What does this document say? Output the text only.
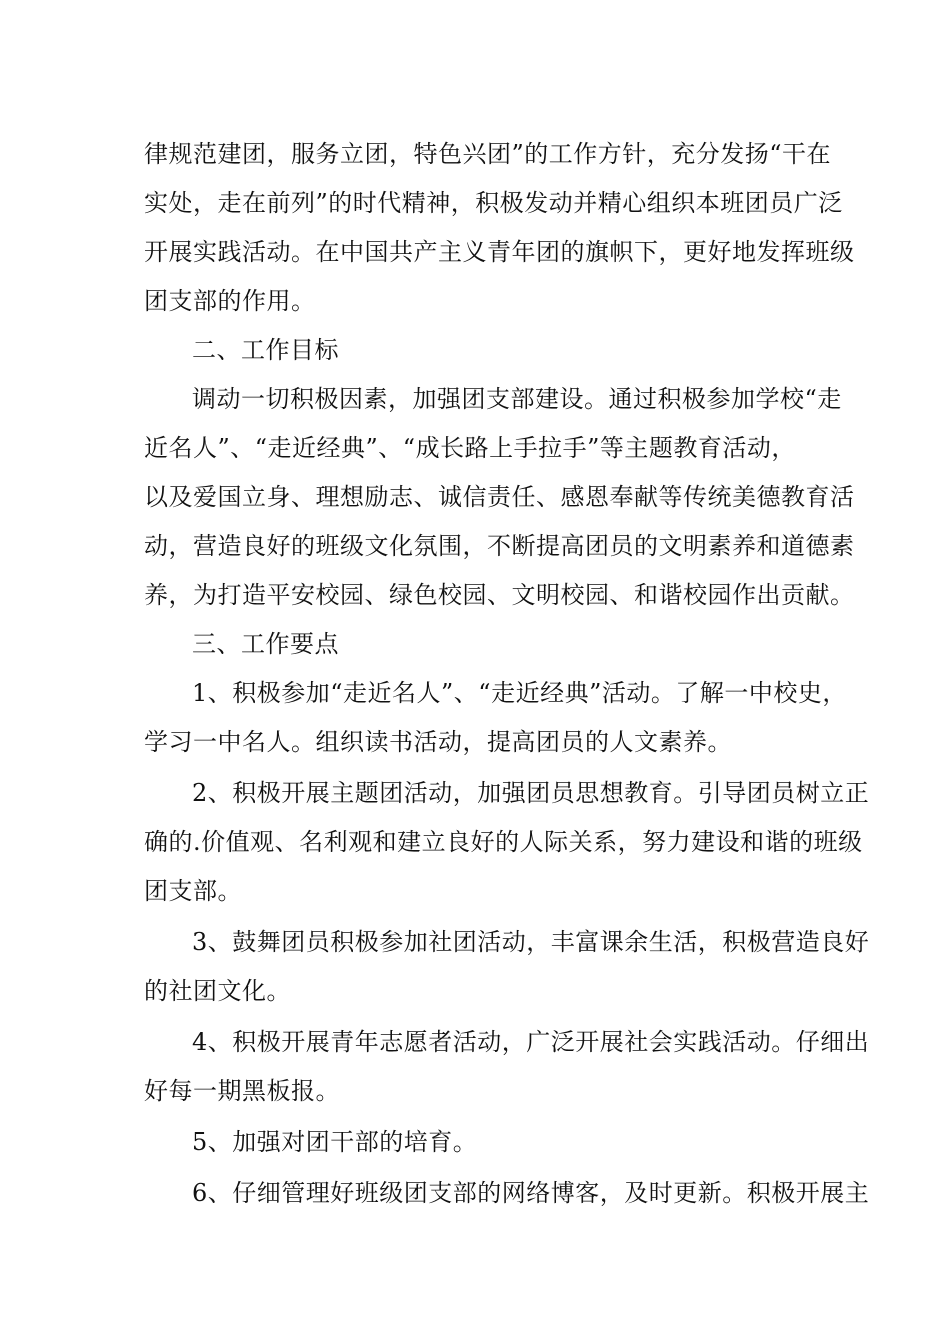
律规范建团，服务立团，特色兴团”的工作方针，充分发扬“干在
实处，走在前列”的时代精神，积极发动并精心组织本班团员广泛
开展实践活动。在中国共产主义青年团的旗帜下，更好地发挥班级
团支部的作用。
二、工作目标
调动一切积极因素，加强团支部建设。通过积极参加学校“走
近名人”、“走近经典”、“成长路上手拉手”等主题教育活动，
以及爱国立身、理想励志、诚信责任、感恩奉献等传统美德教育活
动，营造良好的班级文化氛围，不断提高团员的文明素养和道德素
养，为打造平安校园、绿色校园、文明校园、和谐校园作出贡献。
三、工作要点
1、积极参加“走近名人”、“走近经典”活动。了解一中校史，
学习一中名人。组织读书活动，提高团员的人文素养。
2、积极开展主题团活动，加强团员思想教育。引导团员树立正
确的.价值观、名利观和建立良好的人际关系，努力建设和谐的班级
团支部。
3、鼓舞团员积极参加社团活动，丰富课余生活，积极营造良好
的社团文化。
4、积极开展青年志愿者活动，广泛开展社会实践活动。仔细出
好每一期黑板报。
5、加强对团干部的培育。
6、仔细管理好班级团支部的网络博客，及时更新。积极开展主
